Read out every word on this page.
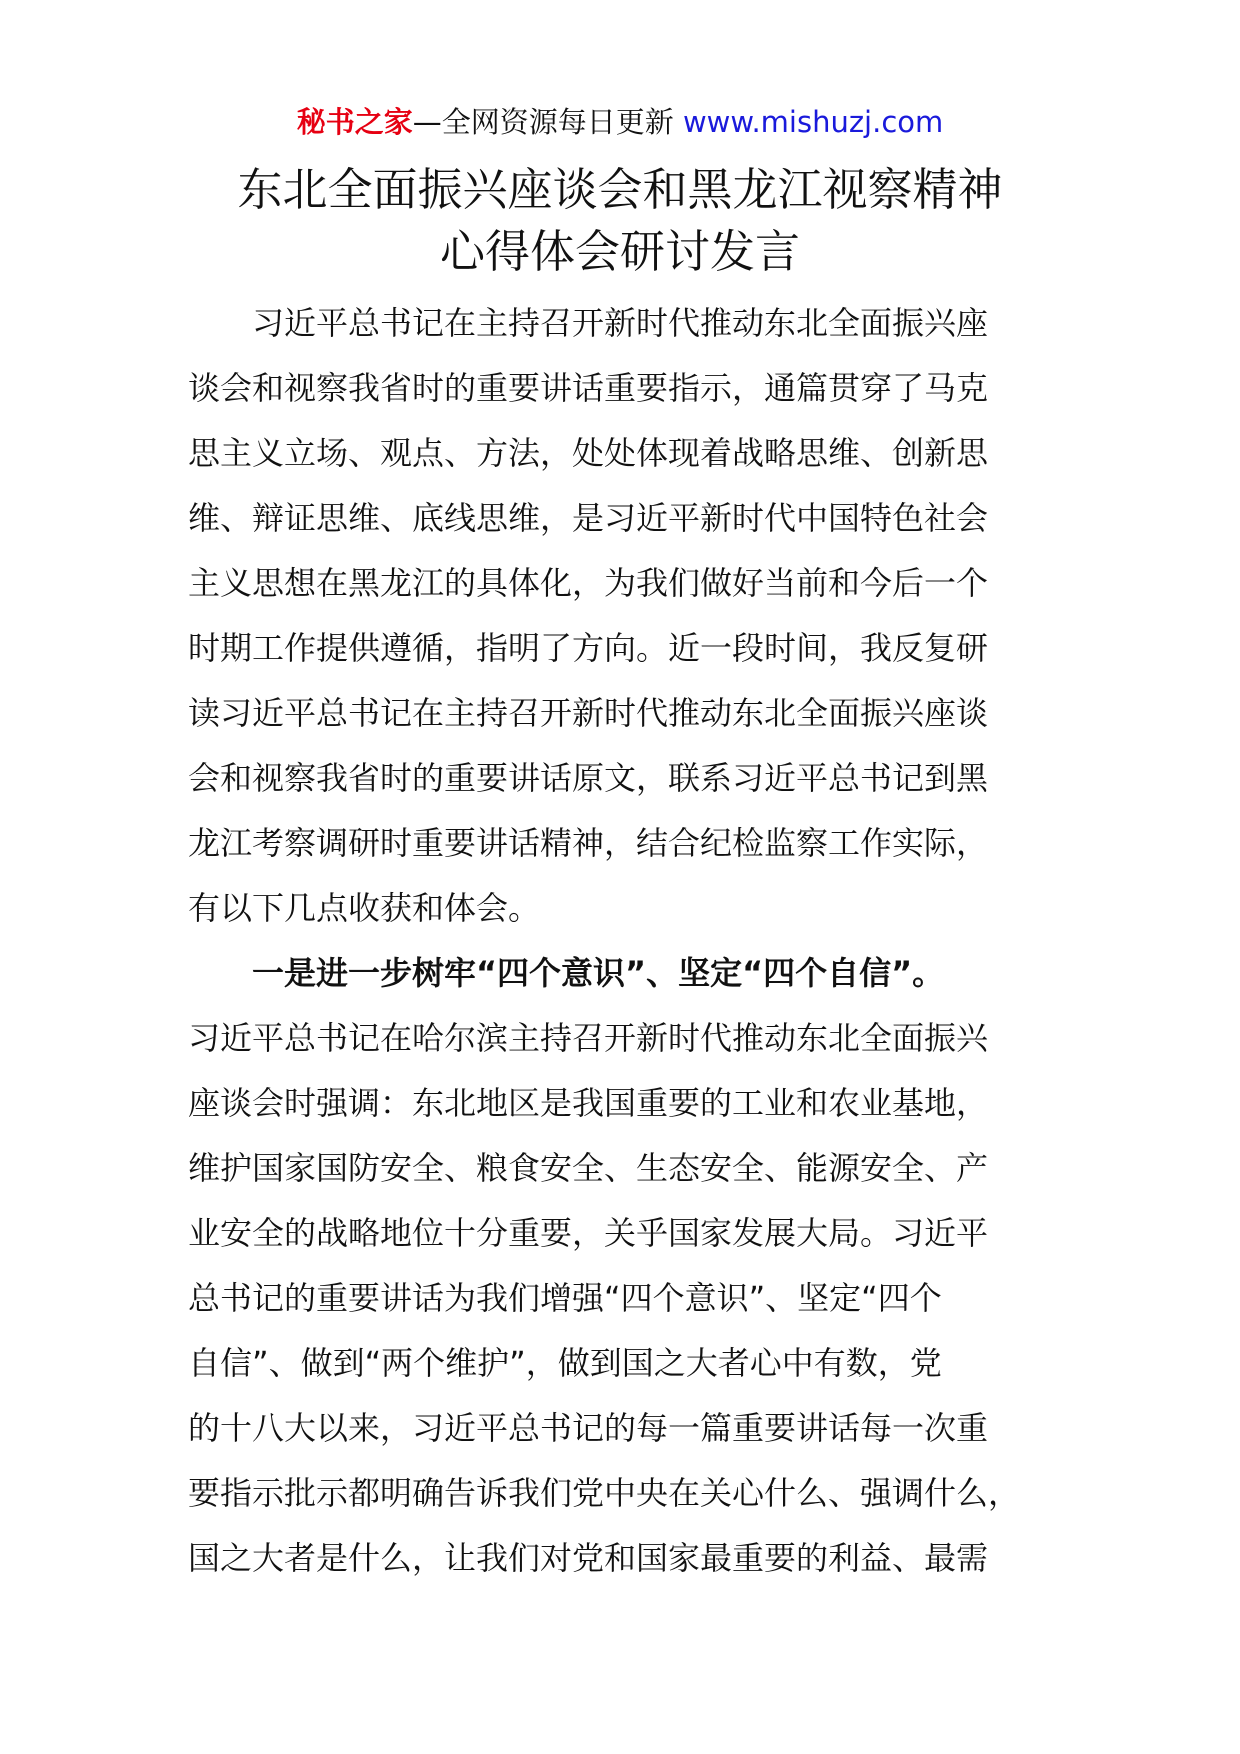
秘书之家—全网资源每日更新 www.mishuzj.com
东北全面振兴座谈会和黑龙江视察精神
心得体会研讨发言
习近平总书记在主持召开新时代推动东北全面振兴座
谈会和视察我省时的重要讲话重要指示，通篇贯穿了马克
思主义立场、观点、方法，处处体现着战略思维、创新思
维、辩证思维、底线思维，是习近平新时代中国特色社会
主义思想在黑龙江的具体化，为我们做好当前和今后一个
时期工作提供遵循，指明了方向。近一段时间，我反复研
读习近平总书记在主持召开新时代推动东北全面振兴座谈
会和视察我省时的重要讲话原文，联系习近平总书记到黑
龙江考察调研时重要讲话精神，结合纪检监察工作实际，
有以下几点收获和体会。
一是进一步树牢“四个意识”、坚定“四个自信”。
习近平总书记在哈尔滨主持召开新时代推动东北全面振兴
座谈会时强调：东北地区是我国重要的工业和农业基地，
维护国家国防安全、粮食安全、生态安全、能源安全、产
业安全的战略地位十分重要，关乎国家发展大局。习近平
总书记的重要讲话为我们增强“四个意识”、坚定“四个
自信”、做到“两个维护”，做到国之大者心中有数，党
的十八大以来，习近平总书记的每一篇重要讲话每一次重
要指示批示都明确告诉我们党中央在关心什么、强调什么，
国之大者是什么，让我们对党和国家最重要的利益、最需
